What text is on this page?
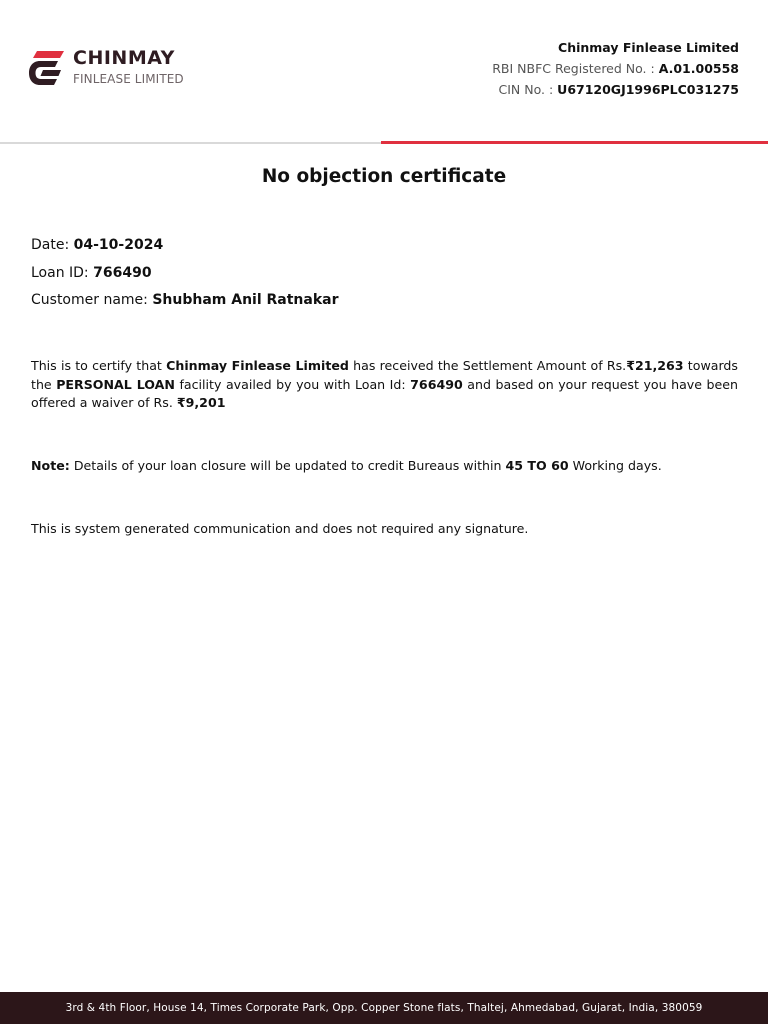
CHINMAY
FINLEASE LIMITED
Chinmay Finlease Limited
RBI NBFC Registered No. : A.01.00558
CIN No. : U67120GJ1996PLC031275
No objection certificate
Date: 04-10-2024
Loan ID: 766490
Customer name: Shubham Anil Ratnakar

This is to certify that Chinmay Finlease Limited has received the Settlement Amount of Rs.₹21,263 towards the PERSONAL LOAN facility availed by you with Loan Id: 766490 and based on your request you have been offered a waiver of Rs. ₹9,201

Note: Details of your loan closure will be updated to credit Bureaus within 45 TO 60 Working days.

This is system generated communication and does not required any signature.

3rd & 4th Floor, House 14, Times Corporate Park, Opp. Copper Stone flats, Thaltej, Ahmedabad, Gujarat, India, 380059
